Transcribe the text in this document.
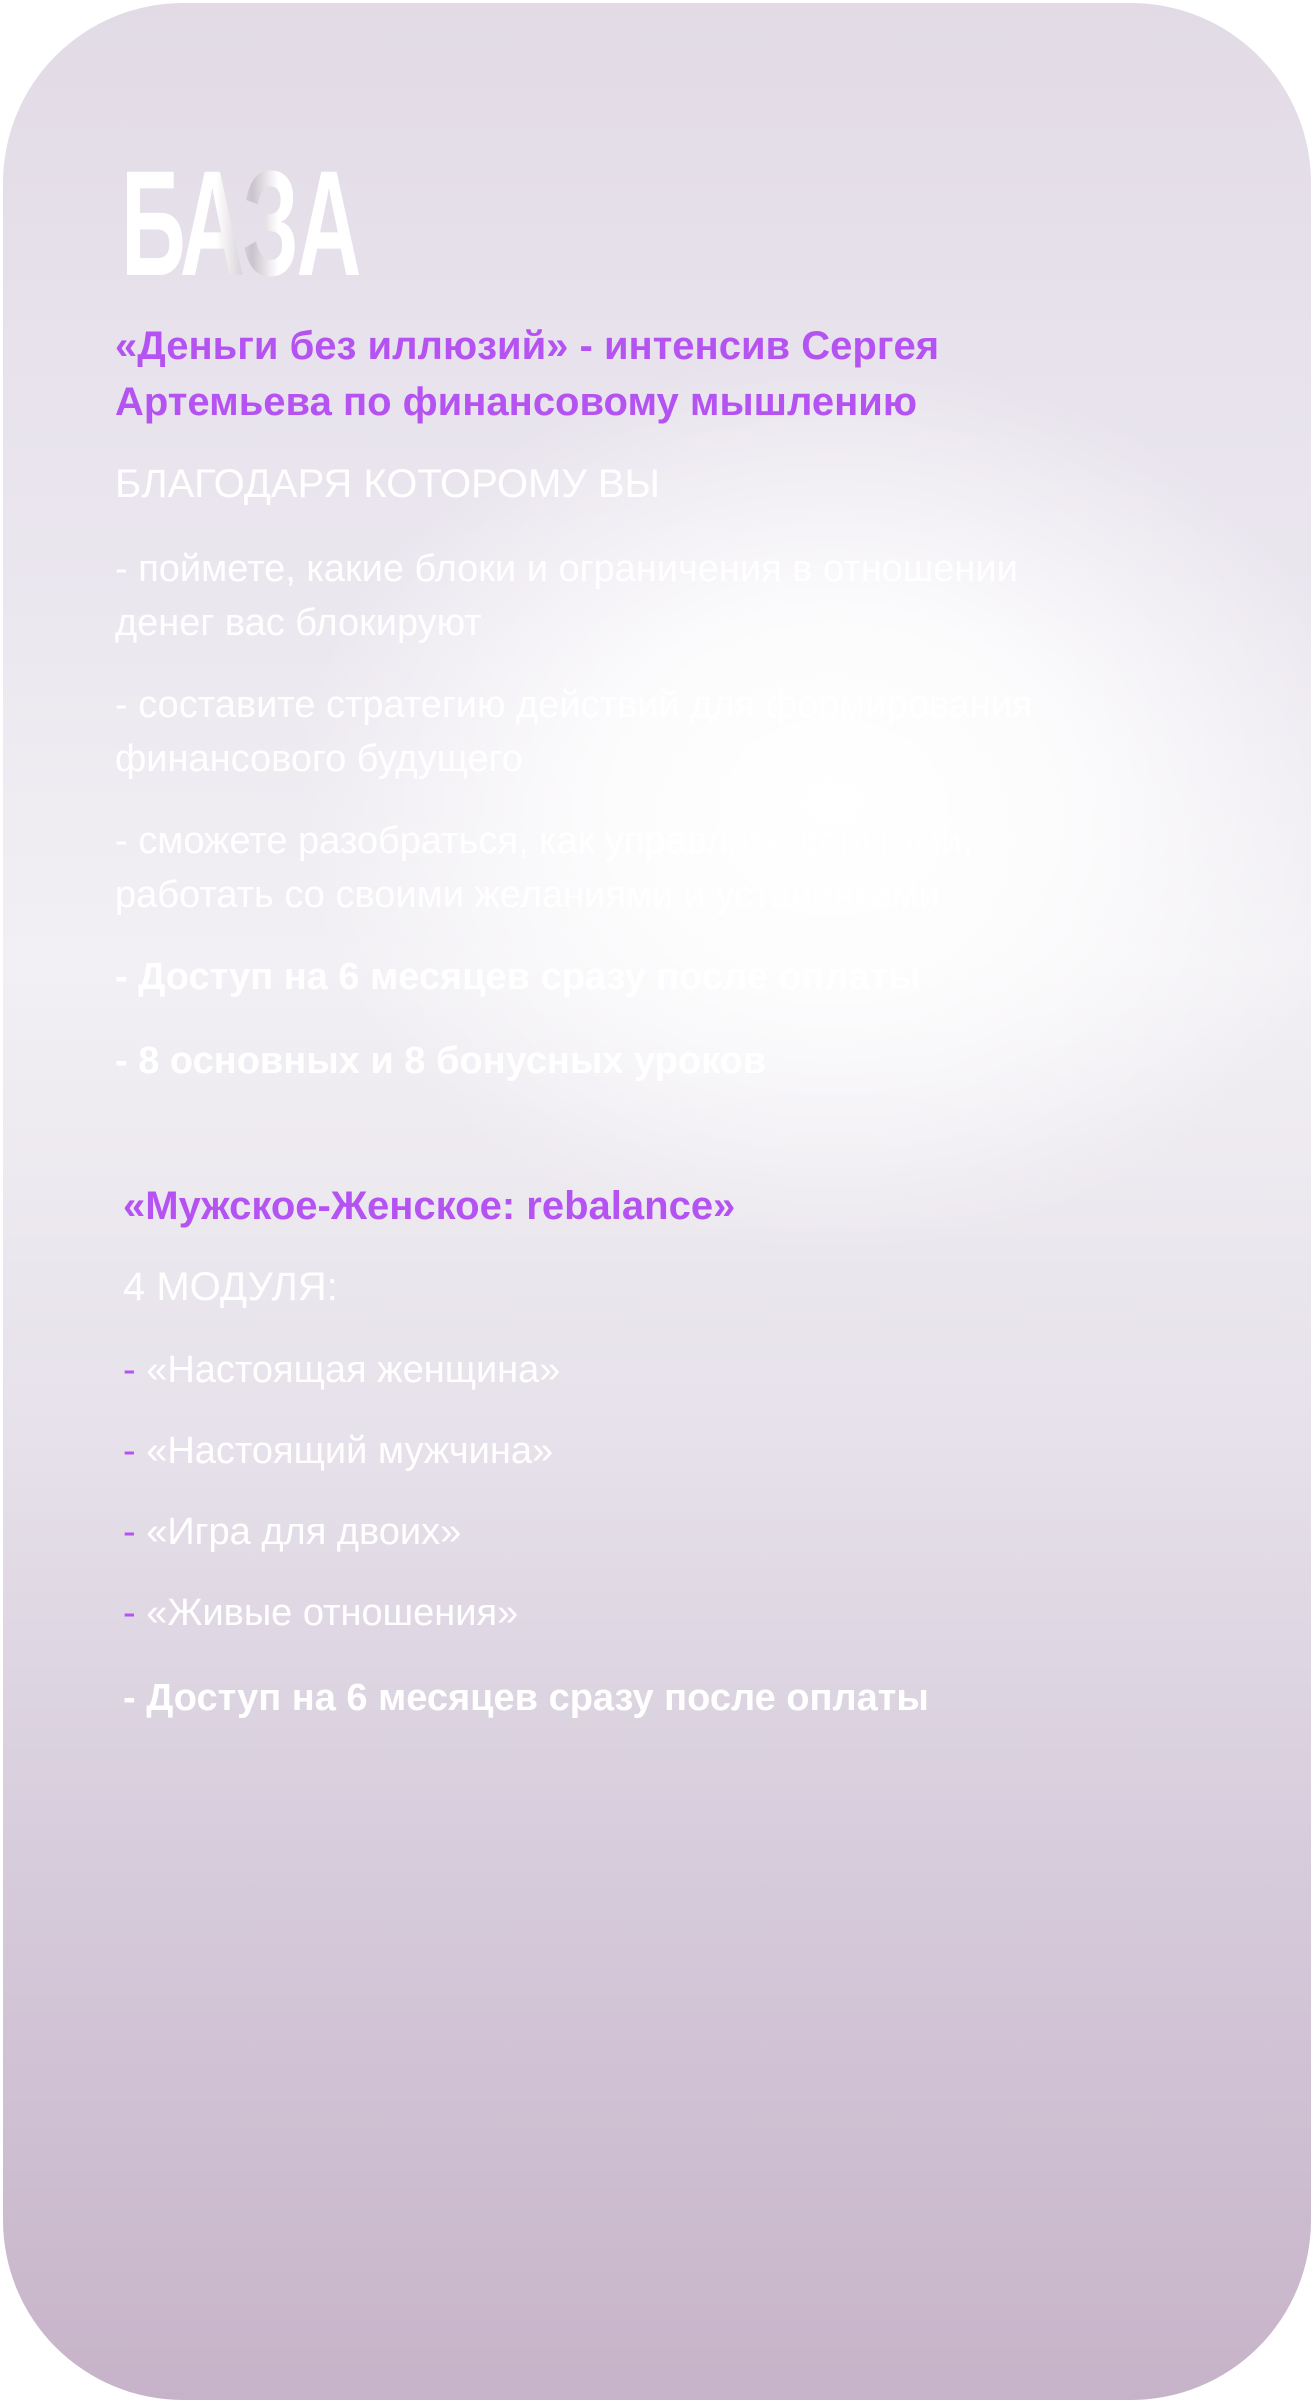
БАЗА
«Деньги без иллюзий» - интенсив Сергея
Артемьева по финансовому мышлению
БЛАГОДАРЯ КОТОРОМУ ВЫ
- поймете, какие блоки и ограничения в отношении
денег вас блокируют
- составите стратегию действий для формирования
финансового будущего
- сможете разобраться, как управлять деньгами,
работать со своими желаниями и установками
- Доступ на 6 месяцев сразу после оплаты
- 8 основных и 8 бонусных уроков
«Мужское-Женское: rebalance»
4 МОДУЛЯ:
- «Настоящая женщина»
- «Настоящий мужчина»
- «Игра для двоих»
- «Живые отношения»
- Доступ на 6 месяцев сразу после оплаты
